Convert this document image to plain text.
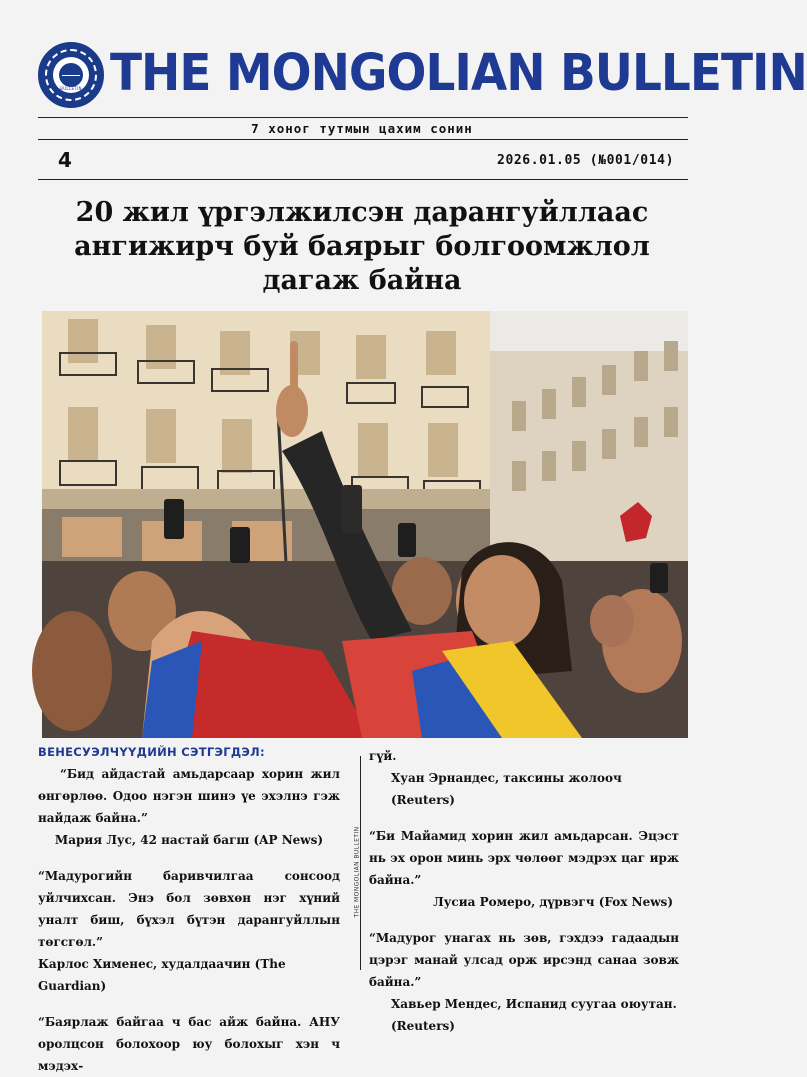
BULLETIN THE MONGOLIAN BULLETIN
7 хоног тутмын цахим сонин
4	2026.01.05 (№001/014)
20 жил үргэлжилсэн дарангуйллаас ангижирч буй баярыг болгоомжлол дагаж байна

ВЕНЕСУЭЛЧҮҮДИЙН СЭТГЭГДЭЛ:

“Бид айдастай амьдарсаар хорин жил өнгөрлөө. Одоо нэгэн шинэ үе эхэлнэ гэж найдаж байна.”

Мария Лус, 42 настай багш (AP News)

“Мадурогийн баривчилгаа сонсоод уйлчихсан. Энэ бол зөвхөн нэг хүний уналт биш, бүхэл бүтэн дарангуйллын төгсгөл.”

Карлос Хименес, худалдаачин (The Guardian)

“Баярлаж байгаа ч бас айж байна. АНУ оролцсон болохоор юу болохыг хэн ч мэдэх-

THE MONGOLIAN BULLETIN

гүй.

Хуан Эрнандес, таксины жолооч (Reuters)

“Би Майамид хорин жил амьдарсан. Эцэст нь эх орон минь эрх чөлөөг мэдрэх цаг ирж байна.”

Лусиа Ромеро, дүрвэгч (Fox News)

“Мадурог унагах нь зөв, гэхдээ гадаадын цэрэг манай улсад орж ирсэнд санаа зовж байна.”

Хавьер Мендес, Испанид суугаа оюутан. (Reuters)
